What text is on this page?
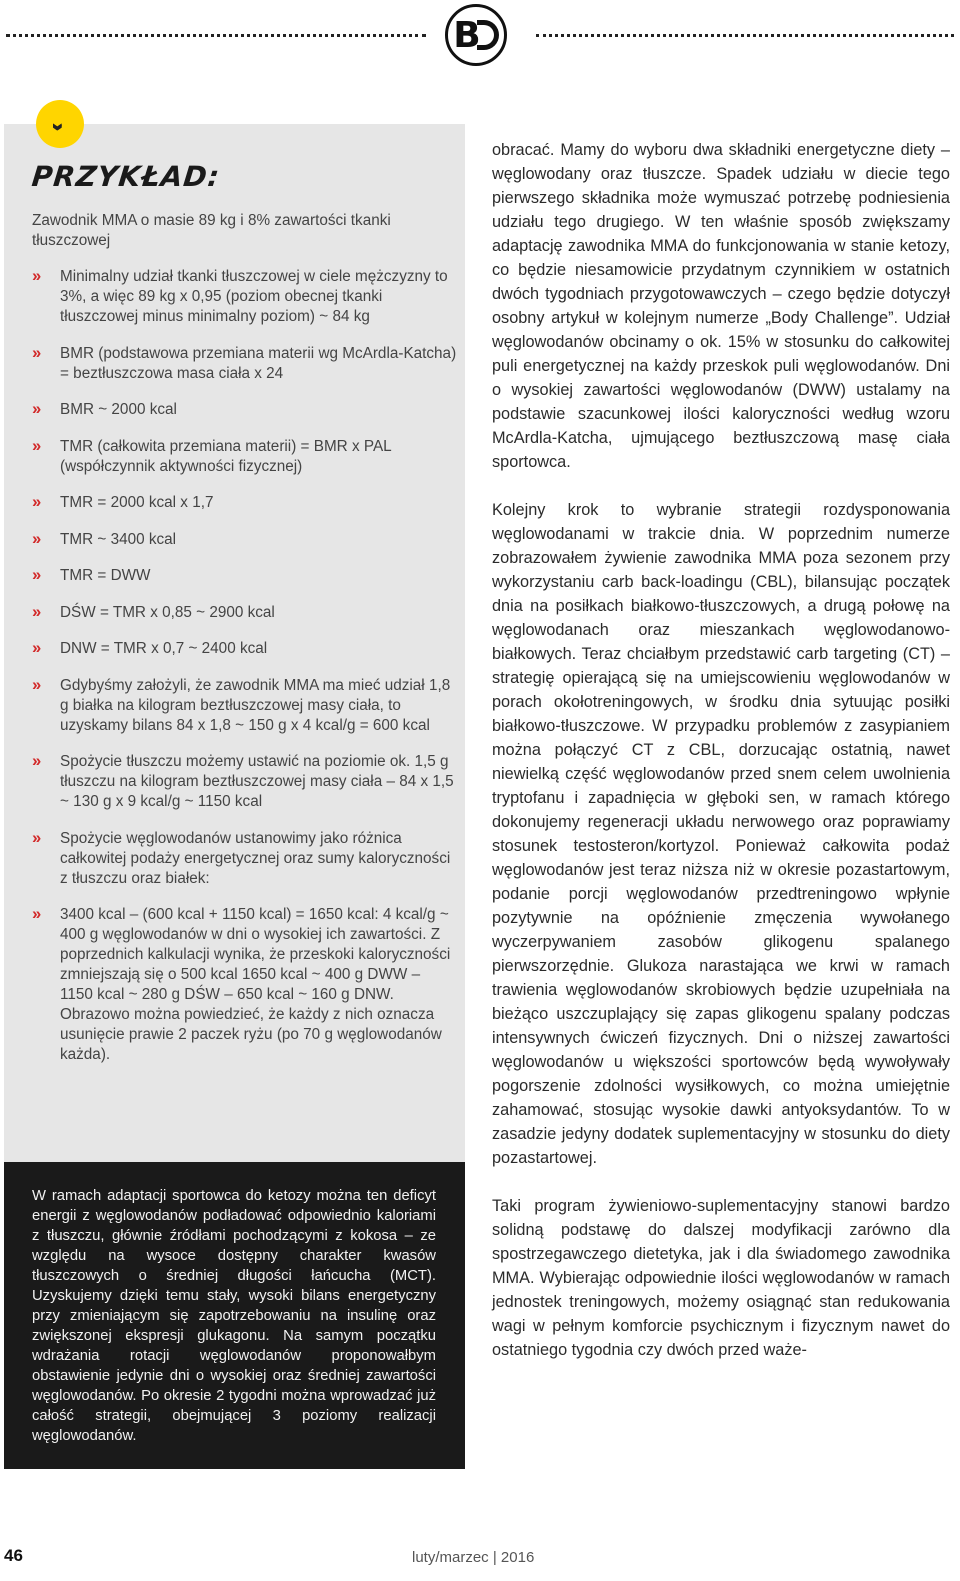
B
››
PRZYKŁAD:

Zawodnik MMA o masie 89 kg i 8% zawartości tkanki tłuszczowej

›› Minimalny udział tkanki tłuszczowej w ciele mężczyzny to 3%, a więc 89 kg x 0,95 (poziom obecnej tkanki tłuszczowej minus minimalny poziom) ~ 84 kg
›› BMR (podstawowa przemiana materii wg McArdla-Katcha) = beztłuszczowa masa ciała x 24
›› BMR ~ 2000 kcal
›› TMR (całkowita przemiana materii) = BMR x PAL (współczynnik aktywności fizycznej)
›› TMR = 2000 kcal x 1,7
›› TMR ~ 3400 kcal
›› TMR = DWW
›› DŚW = TMR x 0,85 ~ 2900 kcal
›› DNW = TMR x 0,7 ~ 2400 kcal
›› Gdybyśmy założyli, że zawodnik MMA ma mieć udział 1,8 g białka na kilogram beztłuszczowej masy ciała, to uzyskamy bilans 84 x 1,8 ~ 150 g x 4 kcal/g = 600 kcal
›› Spożycie tłuszczu możemy ustawić na poziomie ok. 1,5 g tłuszczu na kilogram beztłuszczowej masy ciała – 84 x 1,5 ~ 130 g x 9 kcal/g ~ 1150 kcal
›› Spożycie węglowodanów ustanowimy jako różnica całkowitej podaży energetycznej oraz sumy kaloryczności z tłuszczu oraz białek:
›› 3400 kcal – (600 kcal + 1150 kcal) = 1650 kcal: 4 kcal/g ~ 400 g węglowodanów w dni o wysokiej ich zawartości. Z poprzednich kalkulacji wynika, że przeskoki kaloryczności zmniejszają się o 500 kcal 1650 kcal ~ 400 g DWW – 1150 kcal ~ 280 g DŚW – 650 kcal ~ 160 g DNW. Obrazowo można powiedzieć, że każdy z nich oznacza usunięcie prawie 2 paczek ryżu (po 70 g węglowodanów każda).

W ramach adaptacji sportowca do ketozy można ten deficyt energii z węglowodanów podładować odpowiednio kaloriami z tłuszczu, głównie źródłami pochodzącymi z kokosa – ze względu na wysoce dostępny charakter kwasów tłuszczowych o średniej długości łańcucha (MCT). Uzyskujemy dzięki temu stały, wysoki bilans energetyczny przy zmieniającym się zapotrzebowaniu na insulinę oraz zwiększonej ekspresji glukagonu. Na samym początku wdrażania rotacji węglowodanów proponowałbym obstawienie jedynie dni o wysokiej oraz średniej zawartości węglowodanów. Po okresie 2 tygodni można wprowadzać już całość strategii, obejmującej 3 poziomy realizacji węglowodanów.

obracać. Mamy do wyboru dwa składniki energetyczne diety – węglowodany oraz tłuszcze. Spadek udziału w diecie tego pierwszego składnika może wymuszać potrzebę podniesienia udziału tego drugiego. W ten właśnie sposób zwiększamy adaptację zawodnika MMA do funkcjonowania w stanie ketozy, co będzie niesamowicie przydatnym czynnikiem w ostatnich dwóch tygodniach przygotowawczych – czego będzie dotyczył osobny artykuł w kolejnym numerze „Body Challenge”. Udział węglowodanów obcinamy o ok. 15% w stosunku do całkowitej puli energetycznej na każdy przeskok puli węglowodanów. Dni o wysokiej zawartości węglowodanów (DWW) ustalamy na podstawie szacunkowej ilości kaloryczności według wzoru McArdla-Katcha, ujmującego beztłuszczową masę ciała sportowca.

Kolejny krok to wybranie strategii rozdysponowania węglowodanami w trakcie dnia. W poprzednim numerze zobrazowałem żywienie zawodnika MMA poza sezonem przy wykorzystaniu carb back-loadingu (CBL), bilansując początek dnia na posiłkach białkowo-tłuszczowych, a drugą połowę na węglowodanach oraz mieszankach węglowodanowo-białkowych. Teraz chciałbym przedstawić carb targeting (CT) – strategię opierającą się na umiejscowieniu węglowodanów w porach okołotreningowych, w środku dnia sytuując posiłki białkowo-tłuszczowe. W przypadku problemów z zasypianiem można połączyć CT z CBL, dorzucając ostatnią, nawet niewielką część węglowodanów przed snem celem uwolnienia tryptofanu i zapadnięcia w głęboki sen, w ramach którego dokonujemy regeneracji układu nerwowego oraz poprawiamy stosunek testosteron/kortyzol. Ponieważ całkowita podaż węglowodanów jest teraz niższa niż w okresie pozastartowym, podanie porcji węglowodanów przedtreningowo wpłynie pozytywnie na opóźnienie zmęczenia wywołanego wyczerpywaniem zasobów glikogenu spalanego pierwszorzędnie. Glukoza narastająca we krwi w ramach trawienia węglowodanów skrobiowych będzie uzupełniała na bieżąco uszczuplający się zapas glikogenu spalany podczas intensywnych ćwiczeń fizycznych. Dni o niższej zawartości węglowodanów u większości sportowców będą wywoływały pogorszenie zdolności wysiłkowych, co można umiejętnie zahamować, stosując wysokie dawki antyoksydantów. To w zasadzie jedyny dodatek suplementacyjny w stosunku do diety pozastartowej.

Taki program żywieniowo-suplementacyjny stanowi bardzo solidną podstawę do dalszej modyfikacji zarówno dla spostrzegawczego dietetyka, jak i dla świadomego zawodnika MMA. Wybierając odpowiednie ilości węglowodanów w ramach jednostek treningowych, możemy osiągnąć stan redukowania wagi w pełnym komforcie psychicznym i fizycznym nawet do ostatniego tygodnia czy dwóch przed waże-

46	luty/marzec | 2016
